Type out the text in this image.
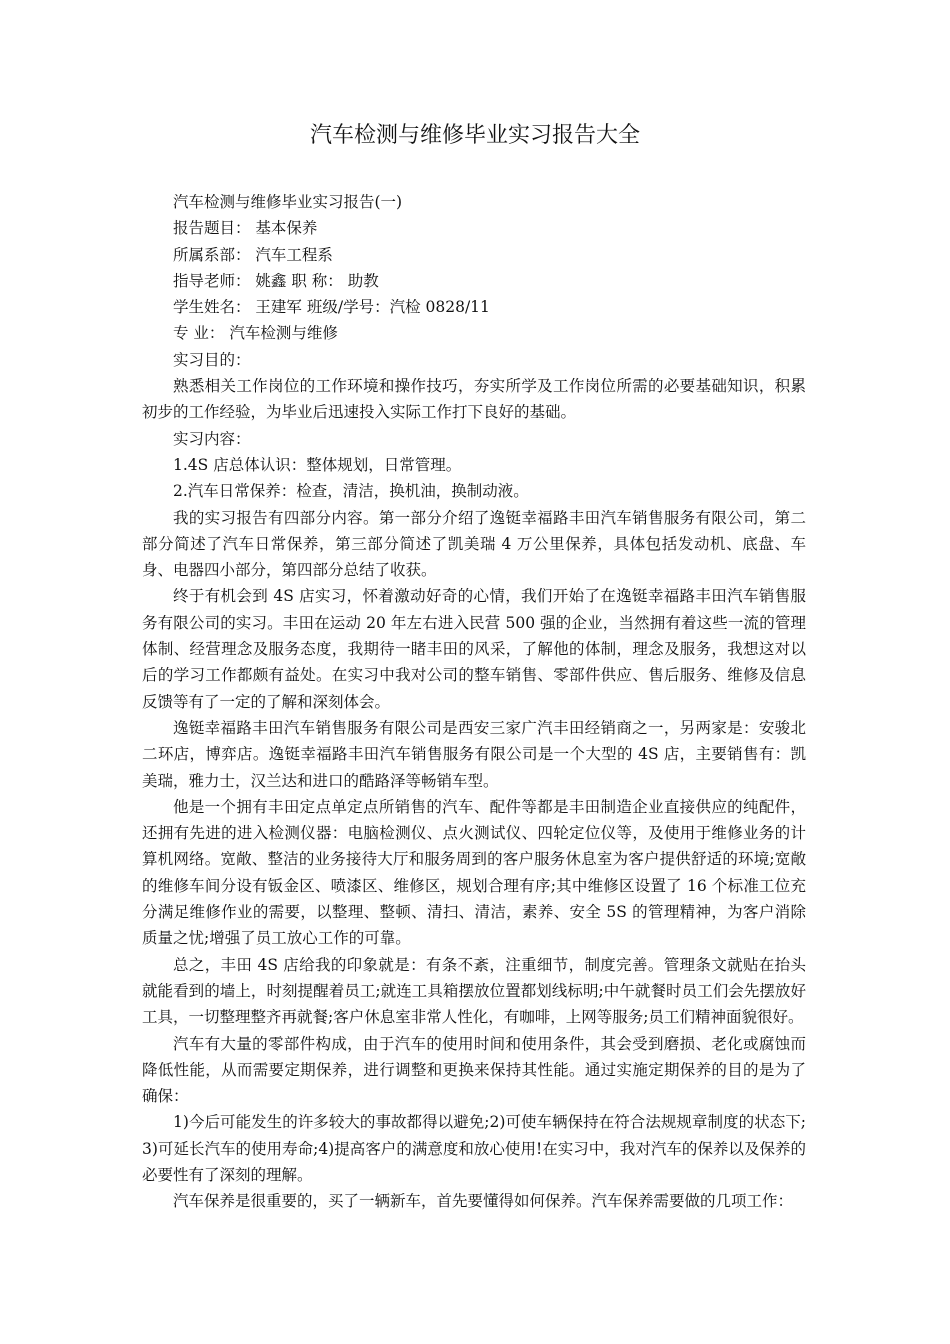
汽车检测与维修毕业实习报告大全

汽车检测与维修毕业实习报告(一)

报告题目： 基本保养

所属系部： 汽车工程系

指导老师： 姚鑫 职 称： 助教

学生姓名： 王建军 班级/学号：汽检 0828/11

专 业： 汽车检测与维修

实习目的：

熟悉相关工作岗位的工作环境和操作技巧，夯实所学及工作岗位所需的必要基础知识，积累初步的工作经验，为毕业后迅速投入实际工作打下良好的基础。

实习内容：

1.4S 店总体认识：整体规划，日常管理。

2.汽车日常保养：检查，清洁，换机油，换制动液。

我的实习报告有四部分内容。第一部分介绍了逸铤幸福路丰田汽车销售服务有限公司，第二部分简述了汽车日常保养，第三部分简述了凯美瑞 4 万公里保养，具体包括发动机、底盘、车身、电器四小部分，第四部分总结了收获。

终于有机会到 4S 店实习，怀着激动好奇的心情，我们开始了在逸铤幸福路丰田汽车销售服务有限公司的实习。丰田在运动 20 年左右进入民营 500 强的企业，当然拥有着这些一流的管理体制、经营理念及服务态度，我期待一睹丰田的风采，了解他的体制，理念及服务，我想这对以后的学习工作都颇有益处。在实习中我对公司的整车销售、零部件供应、售后服务、维修及信息反馈等有了一定的了解和深刻体会。

逸铤幸福路丰田汽车销售服务有限公司是西安三家广汽丰田经销商之一，另两家是：安骏北二环店，博弈店。逸铤幸福路丰田汽车销售服务有限公司是一个大型的 4S 店，主要销售有：凯美瑞，雅力士，汉兰达和进口的酷路泽等畅销车型。

他是一个拥有丰田定点单定点所销售的汽车、配件等都是丰田制造企业直接供应的纯配件，还拥有先进的进入检测仪器：电脑检测仪、点火测试仪、四轮定位仪等，及使用于维修业务的计算机网络。宽敞、整洁的业务接待大厅和服务周到的客户服务休息室为客户提供舒适的环境;宽敞的维修车间分设有钣金区、喷漆区、维修区，规划合理有序;其中维修区设置了 16 个标准工位充分满足维修作业的需要，以整理、整顿、清扫、清洁，素养、安全 5S 的管理精神，为客户消除质量之忧;增强了员工放心工作的可靠。

总之，丰田 4S 店给我的印象就是：有条不紊，注重细节，制度完善。管理条文就贴在抬头就能看到的墙上，时刻提醒着员工;就连工具箱摆放位置都划线标明;中午就餐时员工们会先摆放好工具，一切整理整齐再就餐;客户休息室非常人性化，有咖啡，上网等服务;员工们精神面貌很好。

汽车有大量的零部件构成，由于汽车的使用时间和使用条件，其会受到磨损、老化或腐蚀而降低性能，从而需要定期保养，进行调整和更换来保持其性能。通过实施定期保养的目的是为了确保：

1)今后可能发生的许多较大的事故都得以避免;2)可使车辆保持在符合法规规章制度的状态下;3)可延长汽车的使用寿命;4)提高客户的满意度和放心使用!在实习中，我对汽车的保养以及保养的必要性有了深刻的理解。

汽车保养是很重要的，买了一辆新车，首先要懂得如何保养。汽车保养需要做的几项工作：
